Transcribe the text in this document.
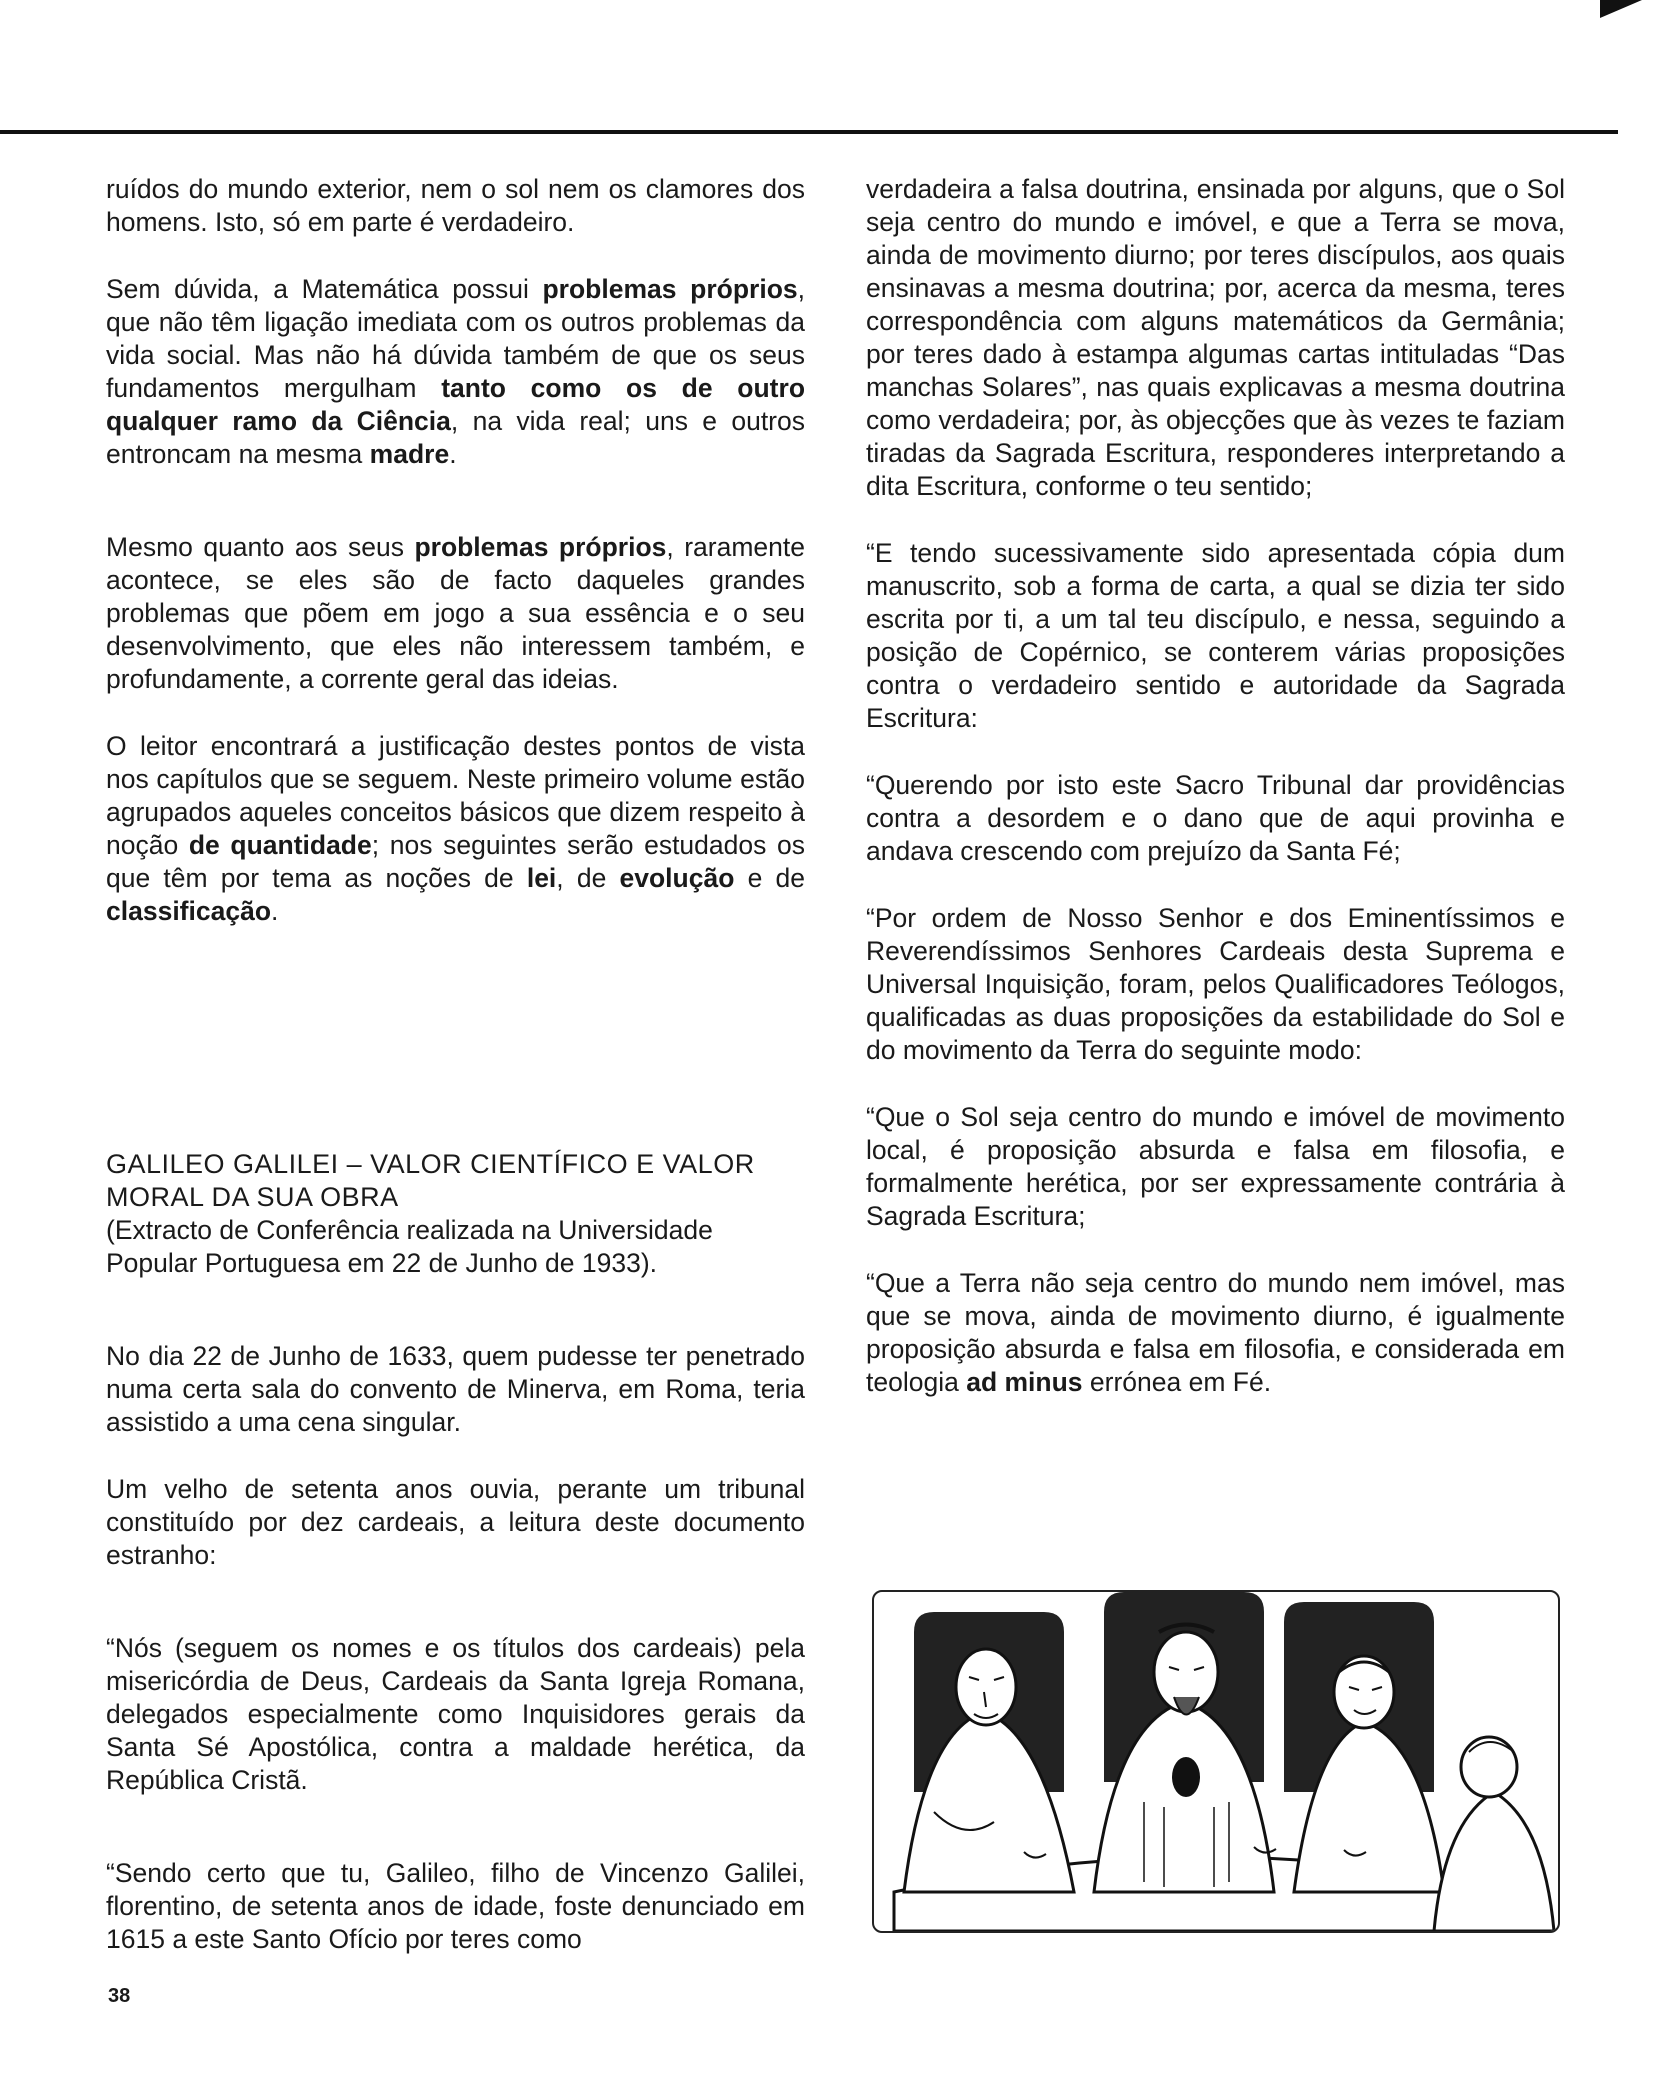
ruídos do mundo exterior, nem o sol nem os clamores dos homens. Isto, só em parte é verdadeiro.

Sem dúvida, a Matemática possui problemas próprios, que não têm ligação imediata com os outros problemas da vida social. Mas não há dúvida também de que os seus fundamentos mergulham tanto como os de outro qualquer ramo da Ciência, na vida real; uns e outros entroncam na mesma madre.

Mesmo quanto aos seus problemas próprios, raramente acontece, se eles são de facto daqueles grandes problemas que põem em jogo a sua essência e o seu desenvolvimento, que eles não interessem também, e profundamente, a corrente geral das ideias.

O leitor encontrará a justificação destes pontos de vista nos capítulos que se seguem. Neste primeiro volume estão agrupados aqueles conceitos básicos que dizem respeito à noção de quantidade; nos seguintes serão estudados os que têm por tema as noções de lei, de evolução e de classificação.

GALILEO GALILEI – VALOR CIENTÍFICO E VALOR MORAL DA SUA OBRA

(Extracto de Conferência realizada na Universidade Popular Portuguesa em 22 de Junho de 1933).

No dia 22 de Junho de 1633, quem pudesse ter penetrado numa certa sala do convento de Minerva, em Roma, teria assistido a uma cena singular.

Um velho de setenta anos ouvia, perante um tribunal constituído por dez cardeais, a leitura deste documento estranho:

“Nós (seguem os nomes e os títulos dos cardeais) pela misericórdia de Deus, Cardeais da Santa Igreja Romana, delegados especialmente como Inquisidores gerais da Santa Sé Apostólica, contra a maldade herética, da República Cristã.

“Sendo certo que tu, Galileo, filho de Vincenzo Galilei, florentino, de setenta anos de idade, foste denunciado em 1615 a este Santo Ofício por teres como

verdadeira a falsa doutrina, ensinada por alguns, que o Sol seja centro do mundo e imóvel, e que a Terra se mova, ainda de movimento diurno; por teres discípulos, aos quais ensinavas a mesma doutrina; por, acerca da mesma, teres correspondência com alguns matemáticos da Germânia; por teres dado à estampa algumas cartas intituladas “Das manchas Solares”, nas quais explicavas a mesma doutrina como verdadeira; por, às objecções que às vezes te faziam tiradas da Sagrada Escritura, responderes interpretando a dita Escritura, conforme o teu sentido;

“E tendo sucessivamente sido apresentada cópia dum manuscrito, sob a forma de carta, a qual se dizia ter sido escrita por ti, a um tal teu discípulo, e nessa, seguindo a posição de Copérnico, se conterem várias proposições contra o verdadeiro sentido e autoridade da Sagrada Escritura:

“Querendo por isto este Sacro Tribunal dar providências contra a desordem e o dano que de aqui provinha e andava crescendo com prejuízo da Santa Fé;

“Por ordem de Nosso Senhor e dos Eminentíssimos e Reverendíssimos Senhores Cardeais desta Suprema e Universal Inquisição, foram, pelos Qualificadores Teólogos, qualificadas as duas proposições da estabilidade do Sol e do movimento da Terra do seguinte modo:

“Que o Sol seja centro do mundo e imóvel de movimento local, é proposição absurda e falsa em filosofia, e formalmente herética, por ser expressamente contrária à Sagrada Escritura;

“Que a Terra não seja centro do mundo nem imóvel, mas que se mova, ainda de movimento diurno, é igualmente proposição absurda e falsa em filosofia, e considerada em teologia ad minus errónea em Fé.

38
